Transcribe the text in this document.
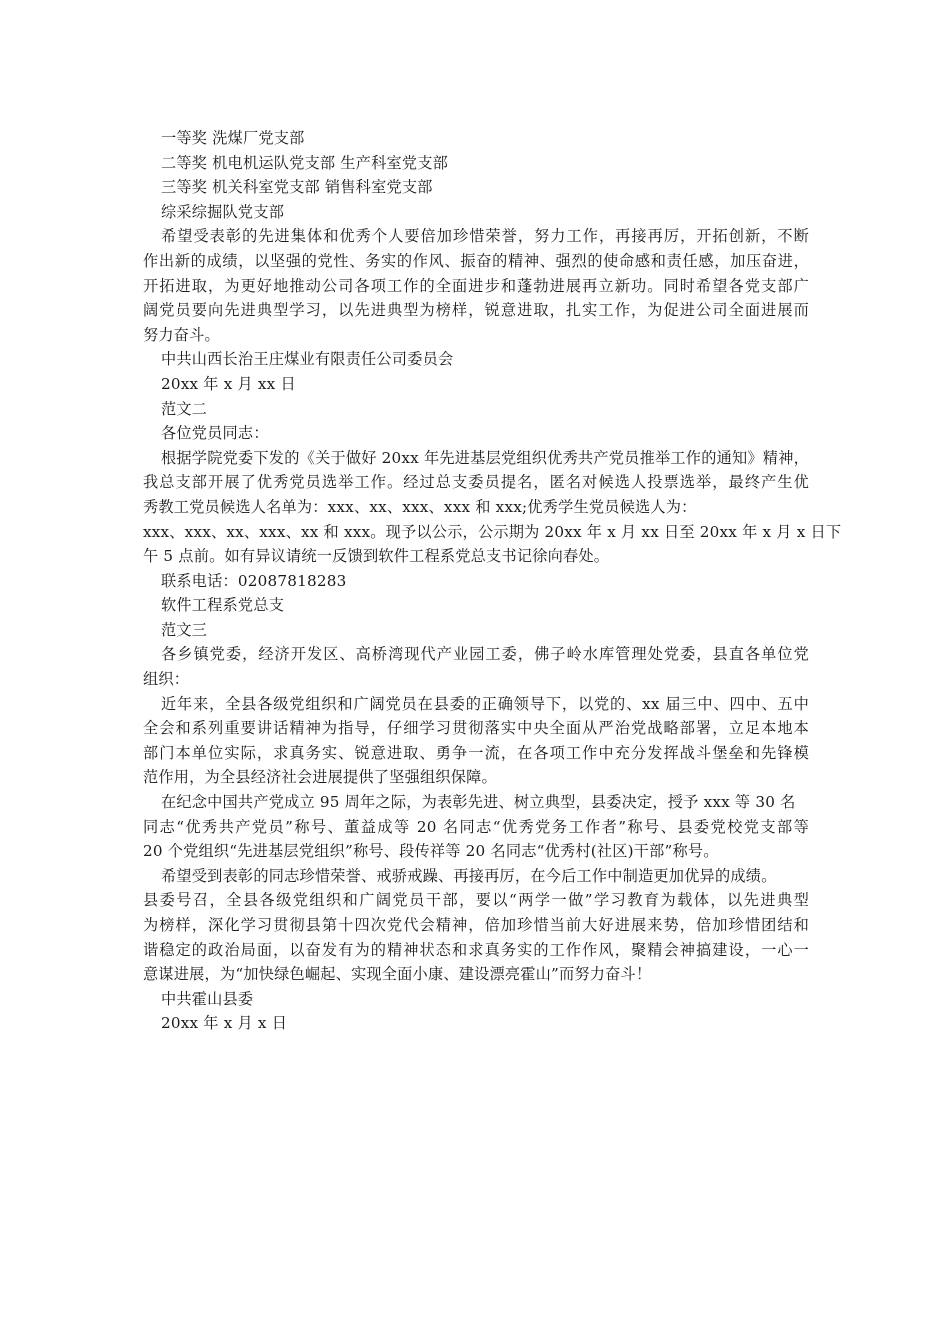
一等奖 洗煤厂党支部
二等奖 机电机运队党支部 生产科室党支部
三等奖 机关科室党支部 销售科室党支部
综采综掘队党支部
希望受表彰的先进集体和优秀个人要倍加珍惜荣誉，努力工作，再接再厉，开拓创新，不断
作出新的成绩，以坚强的党性、务实的作风、振奋的精神、强烈的使命感和责任感，加压奋进，
开拓进取，为更好地推动公司各项工作的全面进步和蓬勃进展再立新功。同时希望各党支部广
阔党员要向先进典型学习，以先进典型为榜样，锐意进取，扎实工作，为促进公司全面进展而
努力奋斗。
中共山西长治王庄煤业有限责任公司委员会
20xx 年 x 月 xx 日
范文二
各位党员同志：
根据学院党委下发的《关于做好 20xx 年先进基层党组织优秀共产党员推举工作的通知》精神，
我总支部开展了优秀党员选举工作。经过总支委员提名，匿名对候选人投票选举，最终产生优
秀教工党员候选人名单为：xxx、xx、xxx、xxx 和 xxx;优秀学生党员候选人为：
xxx、xxx、xx、xxx、xx 和 xxx。现予以公示，公示期为 20xx 年 x 月 xx 日至 20xx 年 x 月 x 日下
午 5 点前。如有异议请统一反馈到软件工程系党总支书记徐向春处。
联系电话：02087818283
软件工程系党总支
范文三
各乡镇党委，经济开发区、高桥湾现代产业园工委，佛子岭水库管理处党委，县直各单位党
组织：
近年来，全县各级党组织和广阔党员在县委的正确领导下，以党的、xx 届三中、四中、五中
全会和系列重要讲话精神为指导，仔细学习贯彻落实中央全面从严治党战略部署，立足本地本
部门本单位实际，求真务实、锐意进取、勇争一流，在各项工作中充分发挥战斗堡垒和先锋模
范作用，为全县经济社会进展提供了坚强组织保障。
在纪念中国共产党成立 95 周年之际，为表彰先进、树立典型，县委决定，授予 xxx 等 30 名
同志“优秀共产党员”称号、董益成等 20 名同志“优秀党务工作者”称号、县委党校党支部等
20 个党组织“先进基层党组织”称号、段传祥等 20 名同志“优秀村(社区)干部”称号。
希望受到表彰的同志珍惜荣誉、戒骄戒躁、再接再厉，在今后工作中制造更加优异的成绩。
县委号召，全县各级党组织和广阔党员干部，要以“两学一做”学习教育为载体，以先进典型
为榜样，深化学习贯彻县第十四次党代会精神，倍加珍惜当前大好进展来势，倍加珍惜团结和
谐稳定的政治局面，以奋发有为的精神状态和求真务实的工作作风，聚精会神搞建设，一心一
意谋进展，为“加快绿色崛起、实现全面小康、建设漂亮霍山”而努力奋斗！
中共霍山县委
20xx 年 x 月 x 日
